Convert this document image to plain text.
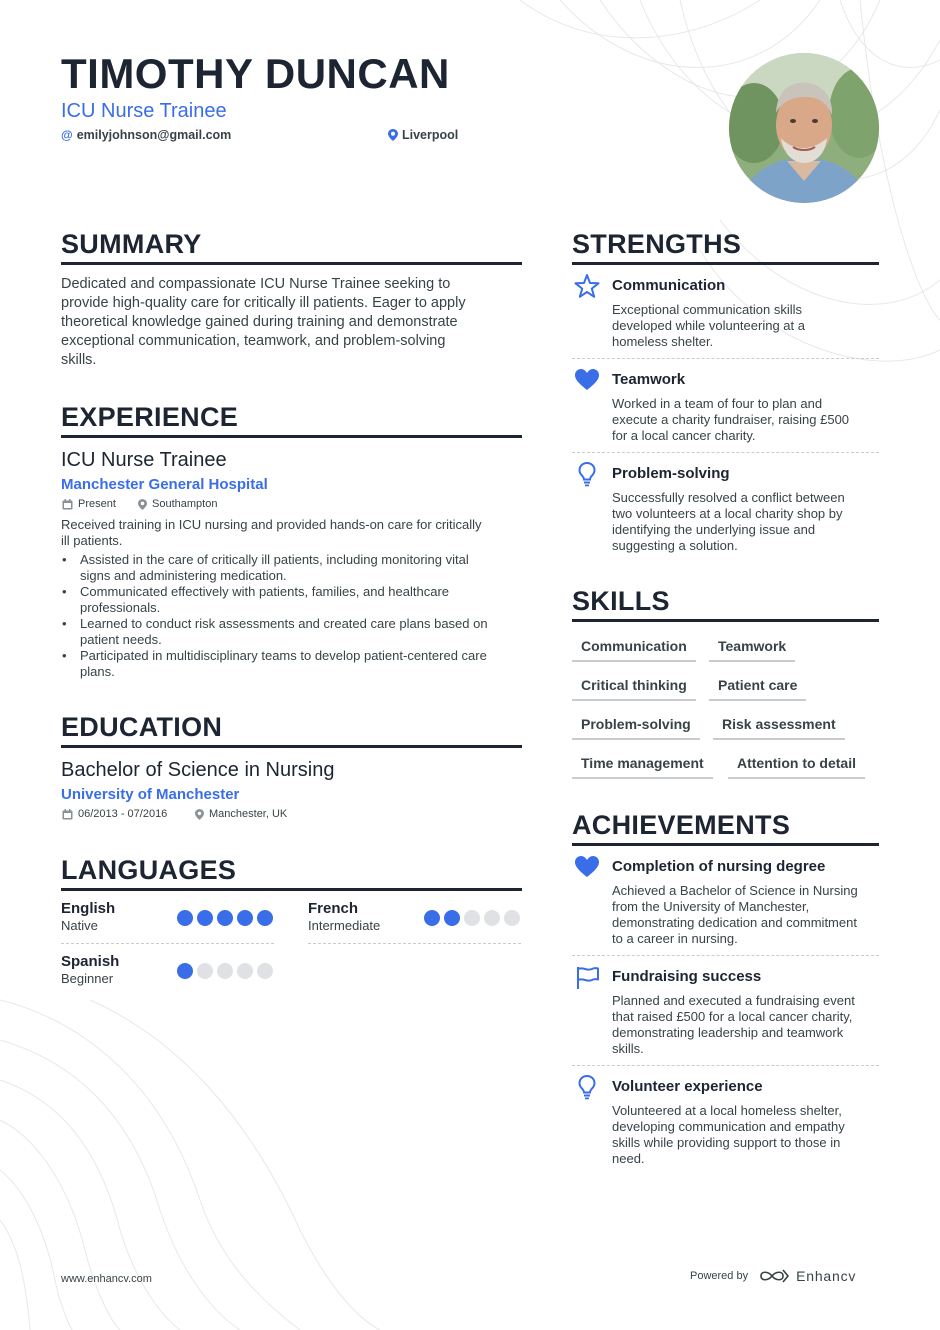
TIMOTHY DUNCAN
ICU Nurse Trainee
@ emilyjohnson@gmail.com	Liverpool
SUMMARY
Dedicated and compassionate ICU Nurse Trainee seeking to
provide high-quality care for critically ill patients. Eager to apply
theoretical knowledge gained during training and demonstrate
exceptional communication, teamwork, and problem-solving
skills.
EXPERIENCE
ICU Nurse Trainee
Manchester General Hospital
Present	Southampton
Received training in ICU nursing and provided hands-on care for critically
ill patients.
• Assisted in the care of critically ill patients, including monitoring vital
signs and administering medication.
• Communicated effectively with patients, families, and healthcare
professionals.
• Learned to conduct risk assessments and created care plans based on
patient needs.
• Participated in multidisciplinary teams to develop patient-centered care
plans.
EDUCATION
Bachelor of Science in Nursing
University of Manchester
06/2013 - 07/2016	Manchester, UK
LANGUAGES
English
Native
French
Intermediate
Spanish
Beginner
STRENGTHS
Communication
Exceptional communication skills
developed while volunteering at a
homeless shelter.
Teamwork
Worked in a team of four to plan and
execute a charity fundraiser, raising £500
for a local cancer charity.
Problem-solving
Successfully resolved a conflict between
two volunteers at a local charity shop by
identifying the underlying issue and
suggesting a solution.
SKILLS
Communication	Teamwork
Critical thinking	Patient care
Problem-solving	Risk assessment
Time management	Attention to detail
ACHIEVEMENTS
Completion of nursing degree
Achieved a Bachelor of Science in Nursing
from the University of Manchester,
demonstrating dedication and commitment
to a career in nursing.
Fundraising success
Planned and executed a fundraising event
that raised £500 for a local cancer charity,
demonstrating leadership and teamwork
skills.
Volunteer experience
Volunteered at a local homeless shelter,
developing communication and empathy
skills while providing support to those in
need.
www.enhancv.com	Powered by	Enhancv
